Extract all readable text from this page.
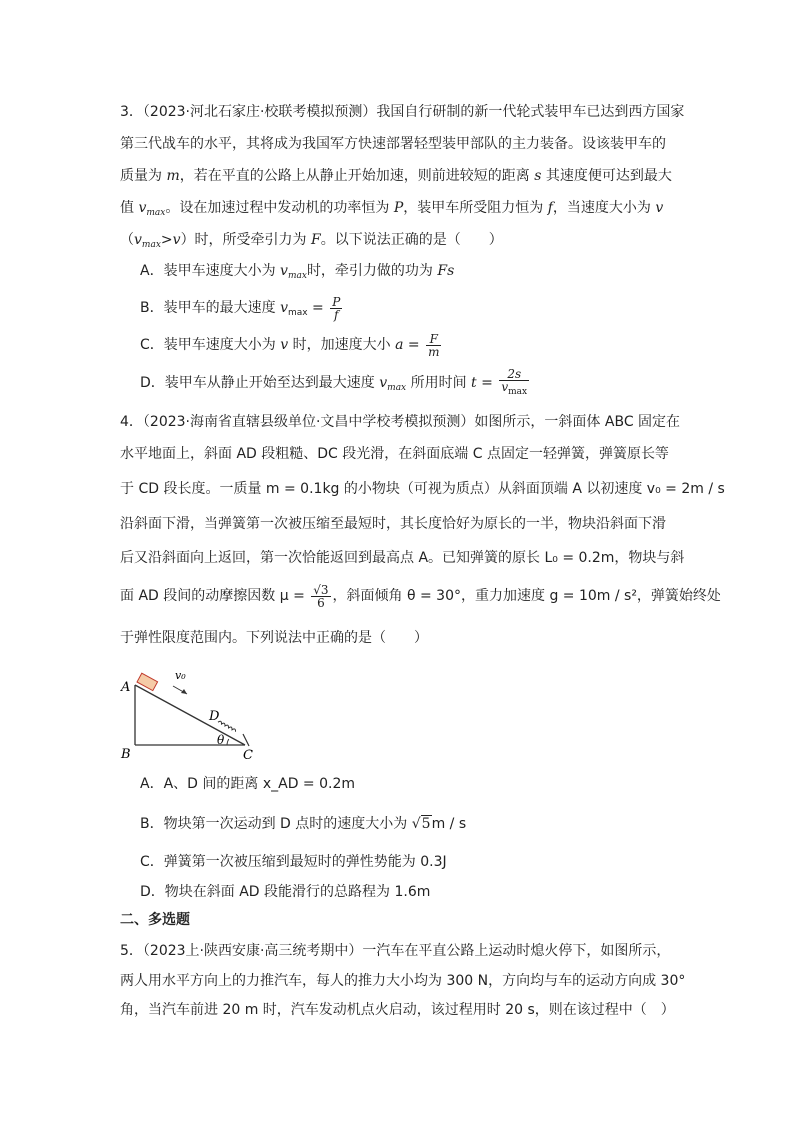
3．（2023·河北石家庄·校联考模拟预测）我国自行研制的新一代轮式装甲车已达到西方国家
第三代战车的水平，其将成为我国军方快速部署轻型装甲部队的主力装备。设该装甲车的
质量为 m，若在平直的公路上从静止开始加速，则前进较短的距离 s 其速度便可达到最大
值 $v_{max}$。设在加速过程中发动机的功率恒为 P，装甲车所受阻力恒为 f，当速度大小为 v
$(v_{max}>v)$时，所受牵引力为 F。以下说法正确的是（　　）
A．装甲车速度大小为 $v_{max}$时，牵引力做的功为 Fs
B．装甲车的最大速度 $v_{max} = \frac{P}{f}$
C．装甲车速度大小为 v 时，加速度大小 $a = \frac{F}{m}$
D．装甲车从静止开始至达到最大速度 $v_{max}$ 所用时间 $t = \frac{2s}{v_{max}}$
4．（2023·海南省直辖县级单位·文昌中学校考模拟预测）如图所示，一斜面体 ABC 固定在
水平地面上，斜面 AD 段粗糙、DC 段光滑，在斜面底端 C 点固定一轻弹簧，弹簧原长等
于 CD 段长度。一质量 m = 0.1kg 的小物块（可视为质点）从斜面顶端 A 以初速度 v₀ = 2m / s
沿斜面下滑，当弹簧第一次被压缩至最短时，其长度恰好为原长的一半，物块沿斜面下滑
后又沿斜面向上返回，第一次恰能返回到最高点 A。已知弹簧的原长 L₀ = 0.2m，物块与斜
面 AD 段间的动摩擦因数 $\mu = \frac{√3}{6}$ ，斜面倾角 θ = 30°，重力加速度 g = 10m / s²，弹簧始终处
于弹性限度范围内。下列说法中正确的是（　　）
A
B	C
D
θ
v₀
A．A、D 间的距离 x_AD = 0.2m
B．物块第一次运动到 D 点时的速度大小为 √5m / s
C．弹簧第一次被压缩到最短时的弹性势能为 0.3J
D．物块在斜面 AD 段能滑行的总路程为 1.6m
二、多选题
5．（2023上·陕西安康·高三统考期中）一汽车在平直公路上运动时熄火停下，如图所示，
两人用水平方向上的力推汽车，每人的推力大小均为 300 N，方向均与车的运动方向成 30°
角，当汽车前进 20 m 时，汽车发动机点火启动，该过程用时 20 s，则在该过程中（　）
